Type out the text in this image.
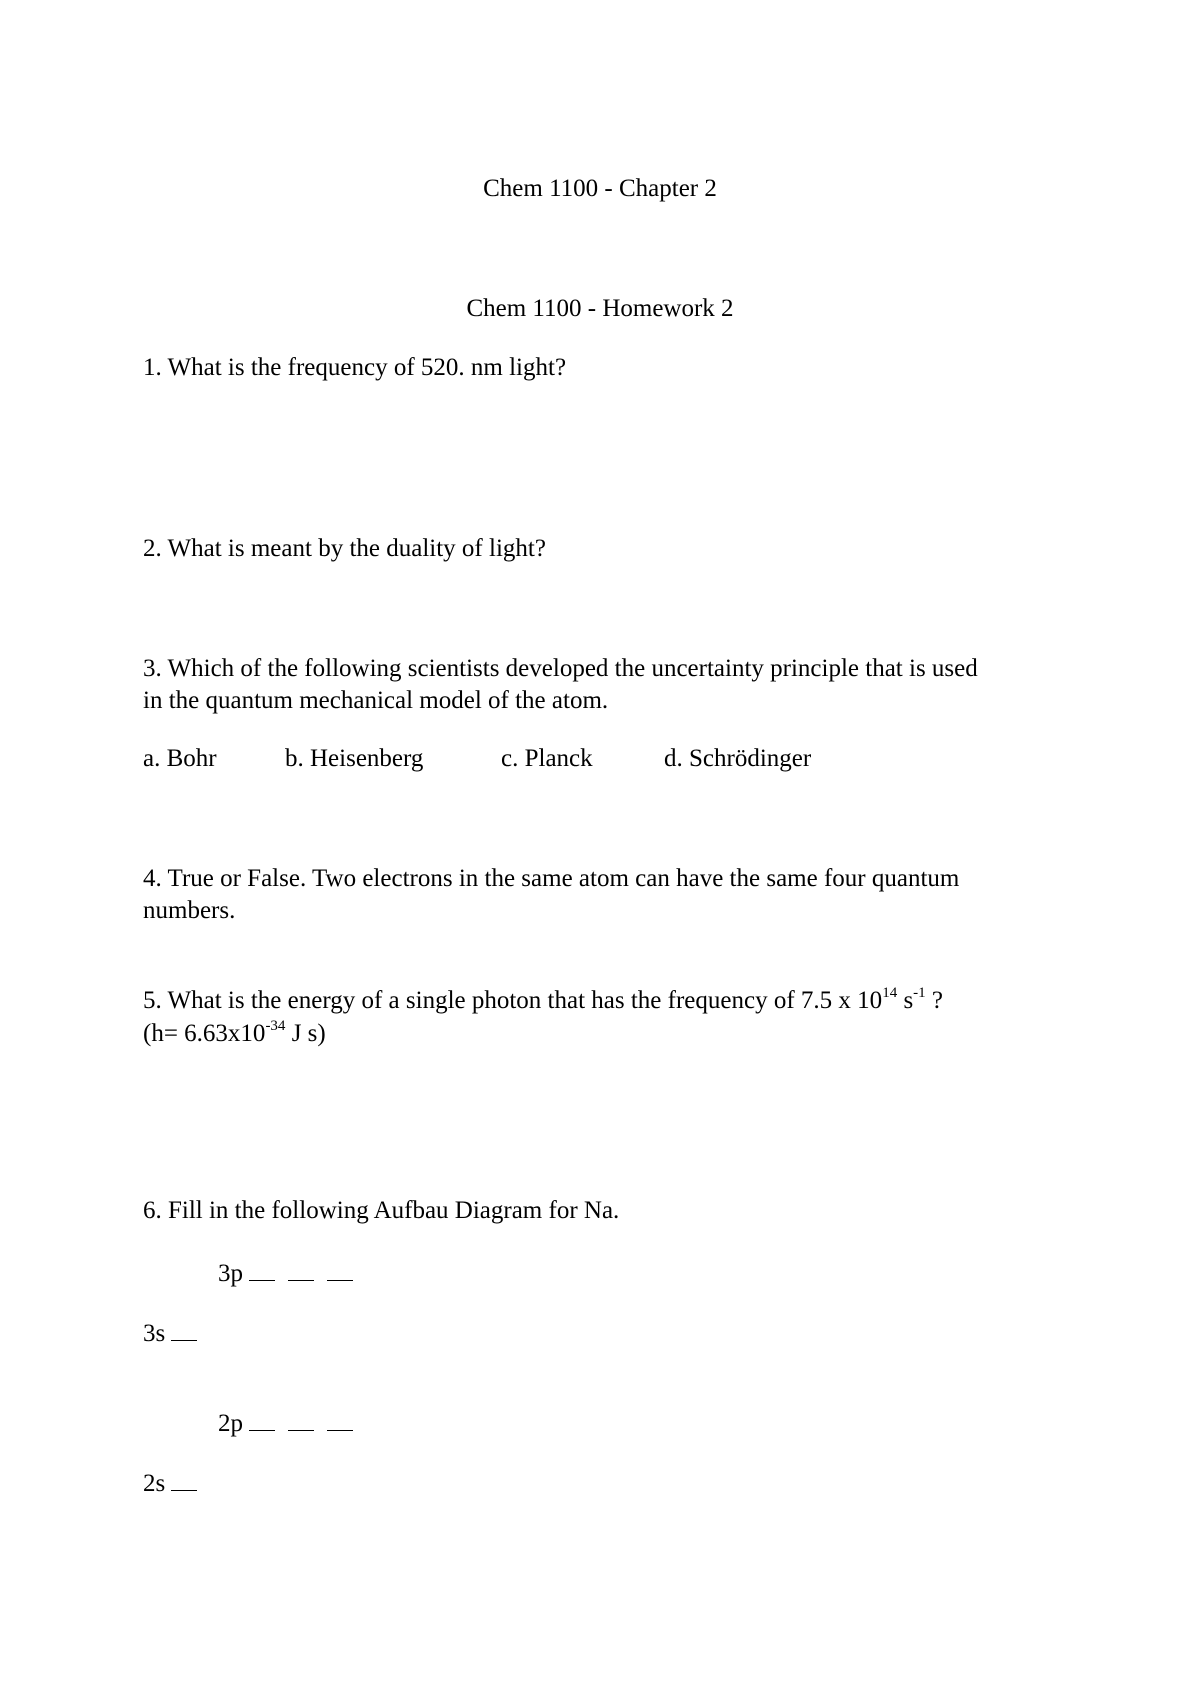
Chem 1100 - Chapter 2
Chem 1100 - Homework 2
1. What is the frequency of 520. nm light?
2. What is meant by the duality of light?
3. Which of the following scientists developed the uncertainty principle that is used
in the quantum mechanical model of the atom.
a. Bohr	b. Heisenberg	c. Planck	d. Schrödinger
4. True or False. Two electrons in the same atom can have the same four quantum
numbers.
5. What is the energy of a single photon that has the frequency of 7.5 x $10^{14}$ $s^{-1}$ ?
($h= 6.63x10^{-34}$ J s)
6. Fill in the following Aufbau Diagram for Na.
3p
3s
2p
2s
